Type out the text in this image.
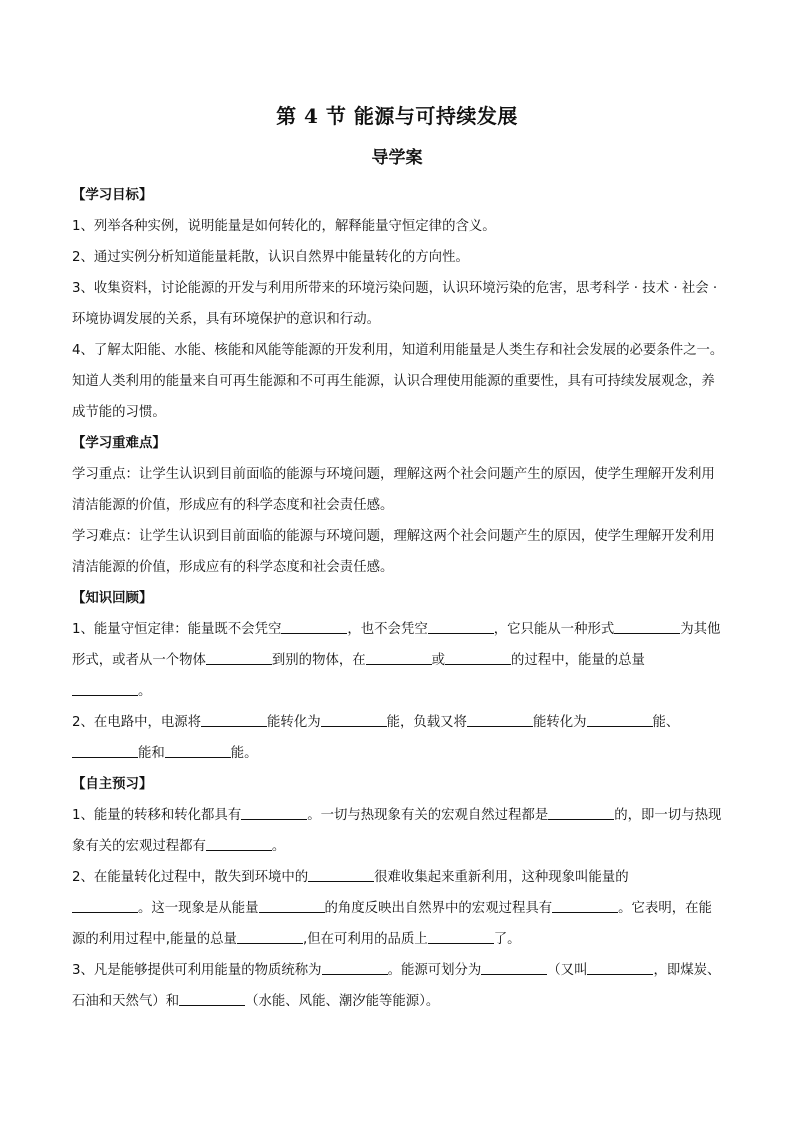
第 4 节 能源与可持续发展
导学案
【学习目标】
1、列举各种实例，说明能量是如何转化的，解释能量守恒定律的含义。
2、通过实例分析知道能量耗散，认识自然界中能量转化的方向性。
3、收集资料，讨论能源的开发与利用所带来的环境污染问题，认识环境污染的危害，思考科学 · 技术 · 社会 · 环境协调发展的关系，具有环境保护的意识和行动。
4、了解太阳能、水能、核能和风能等能源的开发利用，知道利用能量是人类生存和社会发展的必要条件之一。知道人类利用的能量来自可再生能源和不可再生能源，认识合理使用能源的重要性，具有可持续发展观念，养成节能的习惯。
【学习重难点】
学习重点：让学生认识到目前面临的能源与环境问题，理解这两个社会问题产生的原因，使学生理解开发利用清洁能源的价值，形成应有的科学态度和社会责任感。
学习难点：让学生认识到目前面临的能源与环境问题，理解这两个社会问题产生的原因，使学生理解开发利用清洁能源的价值，形成应有的科学态度和社会责任感。
【知识回顾】
1、能量守恒定律：能量既不会凭空	，也不会凭空	，它只能从一种形式	为其他形式，或者从一个物体	到别的物体，在	或	的过程中，能量的总量
。
2、在电路中，电源将	能转化为	能，负载又将	能转化为	能、
能和	能。
【自主预习】
1、能量的转移和转化都具有	。一切与热现象有关的宏观自然过程都是	的，即一切与热现象有关的宏观过程都有	。
2、在能量转化过程中，散失到环境中的	很难收集起来重新利用，这种现象叫能量的
。这一现象是从能量	的角度反映出自然界中的宏观过程具有	。它表明，在能源的利用过程中,能量的总量	,但在可利用的品质上	了。
3、凡是能够提供可利用能量的物质统称为	。能源可划分为	（又叫	，即煤炭、石油和天然气）和	（水能、风能、潮汐能等能源）。
